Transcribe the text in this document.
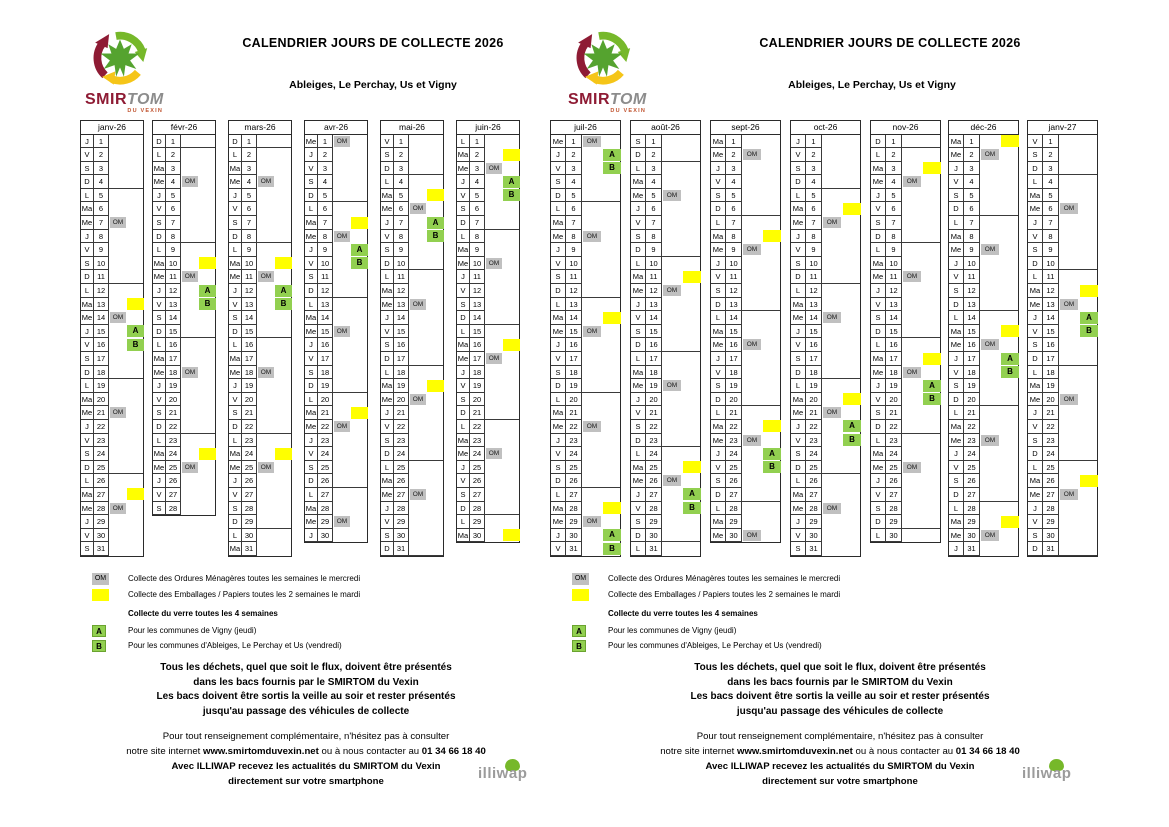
SMIRTOM
DU VEXIN
CALENDRIER JOURS DE COLLECTE 2026
Ableiges, Le Perchay, Us et Vigny
janv-26
J	1
V	2
S	3
D	4
L	5
Ma 6
Me 7	OM
J	8
V	9
S 10
D 11
L	12
Ma 13
Me 14	OM
J	15	A
V 16	B
S 17
D 18
L	19
Ma 20
Me 21	OM
J	22
V 23
S 24
D 25
L	26
Ma 27
Me 28	OM
J	29
V 30
S 31
févr-26
D	1
L	2
Ma 3
Me 4	OM
J	5
V	6
S	7
D	8
L	9
Ma 10
Me 11	OM
J	12	A
V 13	B
S 14
D 15
L	16
Ma 17
Me 18	OM
J	19
V 20
S 21
D 22
L	23
Ma 24
Me 25	OM
J	26
V 27
S 28
mars-26
D	1
L	2
Ma 3
Me 4	OM
J	5
V	6
S	7
D	8
L	9
Ma 10
Me 11	OM
J	12	A
V 13	B
S 14
D 15
L	16
Ma 17
Me 18	OM
J	19
V 20
S 21
D 22
L	23
Ma 24
Me 25	OM
J	26
V 27
S 28
D 29
L	30
Ma 31
avr-26
Me 1	OM
J	2
V	3
S	4
D	5
L	6
Ma 7
Me 8	OM
J	9	A
V 10	B
S	11
D 12
L	13
Ma 14
Me 15	OM
J	16
V 17
S 18
D 19
L	20
Ma 21
Me 22	OM
J	23
V 24
S 25
D 26
L	27
Ma 28
Me 29	OM
J	30
mai-26
V	1
S	2
D	3
L	4
Ma 5
Me 6	OM
J	7	A
V	8	B
S	9
D 10
L	11
Ma 12
Me 13	OM
J	14
V 15
S 16
D 17
L	18
Ma 19
Me 20	OM
J	21
V 22
S 23
D 24
L	25
Ma 26
Me 27	OM
J	28
V 29
S 30
D 31
juin-26
L	1
Ma 2
Me 3	OM
J	4	A
V	5	B
S	6
D	7
L	8
Ma 9
Me 10	OM
J	11
V 12
S 13
D 14
L	15
Ma 16
Me 17	OM
J	18
V 19
S 20
D 21
L	22
Ma 23
Me 24	OM
J	25
V 26
S 27
D 28
L	29
Ma 30
OM	Collecte des Ordures Ménagères toutes les semaines le mercredi
Collecte des Emballages / Papiers toutes les 2 semaines le mardi
Collecte du verre toutes les 4 semaines
A	Pour les communes de Vigny (jeudi)
B	Pour les communes d'Ableiges, Le Perchay et Us (vendredi)
Tous les déchets, quel que soit le flux, doivent être présentés
dans les bacs fournis par le SMIRTOM du Vexin
Les bacs doivent être sortis la veille au soir et rester présentés
jusqu'au passage des véhicules de collecte
Pour tout renseignement complémentaire, n'hésitez pas à consulter
notre site internet www.smirtomduvexin.net ou à nous contacter au 01 34 66 18 40
Avec ILLIWAP recevez les actualités du SMIRTOM du Vexin
directement sur votre smartphone	illiwap
SMIRTOM
DU VEXIN
CALENDRIER JOURS DE COLLECTE 2026
Ableiges, Le Perchay, Us et Vigny
juil-26
Me	1	OM
J	2	A
V	3	B
S	4
D	5
L	6
Ma	7
Me	8	OM
J	9
V	10
S	11
D	12
L	13
Ma 14
Me 15	OM
J	16
V	17
S	18
D	19
L	20
Ma 21
Me 22	OM
J	23
V	24
S	25
D	26
L	27
Ma 28
Me 29	OM
J	30	A
V	31	B
août-26
S	1
D	2
L	3
Ma	4
Me	5	OM
J	6
V	7
S	8
D	9
L	10
Ma 11
Me 12	OM
J	13
V	14
S	15
D	16
L	17
Ma 18
Me 19	OM
J	20
V	21
S	22
D	23
L	24
Ma 25
Me 26	OM
J	27	A
V	28	B
S	29
D	30
L	31
sept-26
Ma	1
Me	2	OM
J	3
V	4
S	5
D	6
L	7
Ma	8
Me	9	OM
J	10
V	11
S	12
D	13
L	14
Ma 15
Me 16	OM
J	17
V	18
S	19
D	20
L	21
Ma 22
Me 23	OM
J	24	A
V	25	B
S	26
D	27
L	28
Ma 29
Me 30	OM
oct-26
J	1
V	2
S	3
D	4
L	5
Ma	6
Me	7	OM
J	8
V	9
S	10
D	11
L	12
Ma 13
Me 14	OM
J	15
V	16
S	17
D	18
L	19
Ma 20
Me 21	OM
J	22	A
V	23	B
S	24
D	25
L	26
Ma 27
Me 28	OM
J	29
V	30
S	31
nov-26
D	1
L	2
Ma	3
Me	4	OM
J	5
V	6
S	7
D	8
L	9
Ma 10
Me 11	OM
J	12
V	13
S	14
D	15
L	16
Ma 17
Me 18	OM
J	19	A
V	20	B
S	21
D	22
L	23
Ma 24
Me 25	OM
J	26
V	27
S	28
D	29
L	30
déc-26
Ma	1
Me	2	OM
J	3
V	4
S	5
D	6
L	7
Ma	8
Me	9	OM
J	10
V	11
S	12
D	13
L	14
Ma 15
Me 16	OM
J	17	A
V	18	B
S	19
D	20
L	21
Ma 22
Me 23	OM
J	24
V	25
S	26
D	27
L	28
Ma 29
Me 30	OM
J	31
janv-27
V	1
S	2
D	3
L	4
Ma	5
Me	6	OM
J	7
V	8
S	9
D	10
L	11
Ma 12
Me 13	OM
J	14	A
V	15	B
S	16
D	17
L	18
Ma 19
Me 20	OM
J	21
V	22
S	23
D	24
L	25
Ma 26
Me 27	OM
J	28
V	29
S	30
D	31
OM	Collecte des Ordures Ménagères toutes les semaines le mercredi
Collecte des Emballages / Papiers toutes les 2 semaines le mardi
Collecte du verre toutes les 4 semaines
A	Pour les communes de Vigny (jeudi)
B	Pour les communes d'Ableiges, Le Perchay et Us (vendredi)
Tous les déchets, quel que soit le flux, doivent être présentés
dans les bacs fournis par le SMIRTOM du Vexin
Les bacs doivent être sortis la veille au soir et rester présentés
jusqu'au passage des véhicules de collecte
Pour tout renseignement complémentaire, n'hésitez pas à consulter
notre site internet www.smirtomduvexin.net ou à nous contacter au 01 34 66 18 40
Avec ILLIWAP recevez les actualités du SMIRTOM du Vexin
directement sur votre smartphone	illiwap
